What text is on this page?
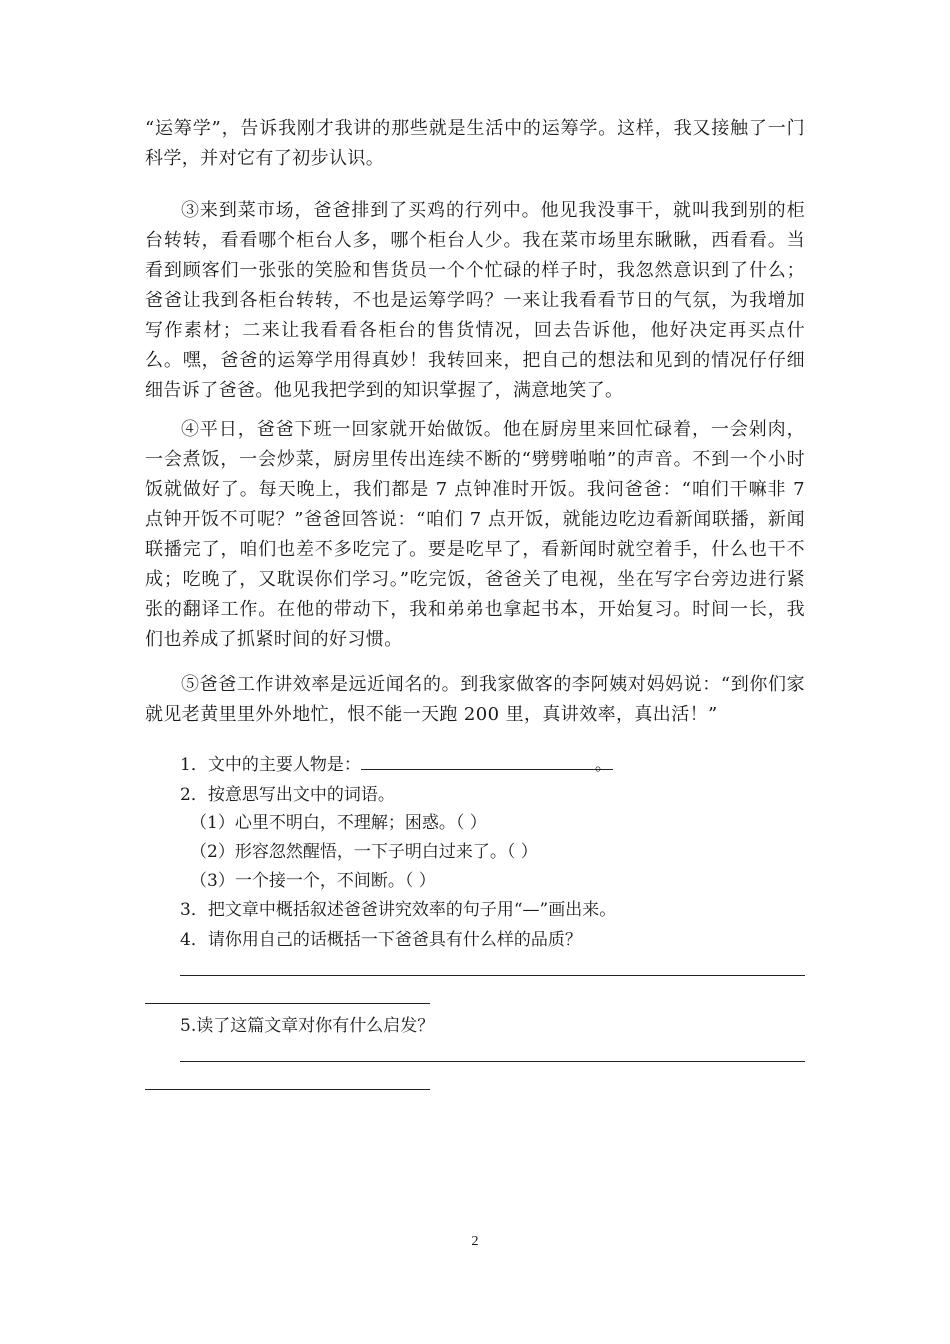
“运筹学”，告诉我刚才我讲的那些就是生活中的运筹学。这样，我又接触了一门科学，并对它有了初步认识。

③来到菜市场，爸爸排到了买鸡的行列中。他见我没事干，就叫我到别的柜台转转，看看哪个柜台人多，哪个柜台人少。我在菜市场里东瞅瞅，西看看。当看到顾客们一张张的笑脸和售货员一个个忙碌的样子时，我忽然意识到了什么；爸爸让我到各柜台转转，不也是运筹学吗？一来让我看看节日的气氛，为我增加写作素材；二来让我看看各柜台的售货情况，回去告诉他，他好决定再买点什么。嘿，爸爸的运筹学用得真妙！我转回来，把自己的想法和见到的情况仔仔细细告诉了爸爸。他见我把学到的知识掌握了，满意地笑了。

④平日，爸爸下班一回家就开始做饭。他在厨房里来回忙碌着，一会剁肉，一会煮饭，一会炒菜，厨房里传出连续不断的“劈劈啪啪”的声音。不到一个小时饭就做好了。每天晚上，我们都是 7 点钟准时开饭。我问爸爸：“咱们干嘛非 7 点钟开饭不可呢？”爸爸回答说：“咱们 7 点开饭，就能边吃边看新闻联播，新闻联播完了，咱们也差不多吃完了。要是吃早了，看新闻时就空着手，什么也干不成；吃晚了，又耽误你们学习。”吃完饭，爸爸关了电视，坐在写字台旁边进行紧张的翻译工作。在他的带动下，我和弟弟也拿起书本，开始复习。时间一长，我们也养成了抓紧时间的好习惯。

⑤爸爸工作讲效率是远近闻名的。到我家做客的李阿姨对妈妈说：“到你们家就见老黄里里外外地忙，恨不能一天跑 200 里，真讲效率，真出活！”

1．文中的主要人物是：	。

2．按意思写出文中的词语。

（1）心里不明白，不理解；困惑。（ ）

（2）形容忽然醒悟，一下子明白过来了。（ ）

（3）一个接一个，不间断。（ ）

3．把文章中概括叙述爸爸讲究效率的句子用“—”画出来。

4．请你用自己的话概括一下爸爸具有什么样的品质？

5.读了这篇文章对你有什么启发？

2
